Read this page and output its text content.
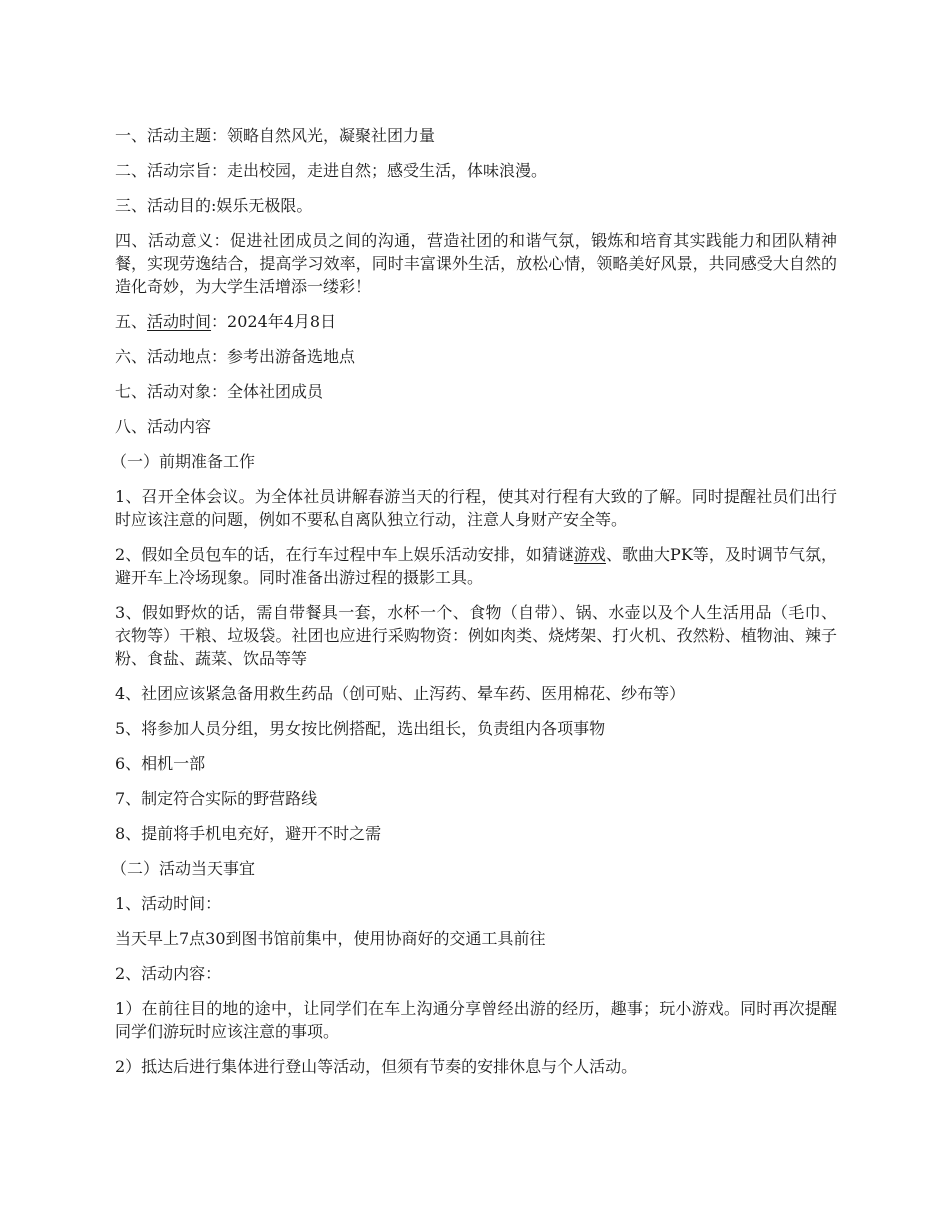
一、活动主题：领略自然风光，凝聚社团力量

二、活动宗旨：走出校园，走进自然；感受生活，体味浪漫。

三、活动目的:娱乐无极限。

四、活动意义：促进社团成员之间的沟通，营造社团的和谐气氛，锻炼和培育其实践能力和团队精神餐，实现劳逸结合，提高学习效率，同时丰富课外生活，放松心情，领略美好风景，共同感受大自然的造化奇妙，为大学生活增添一缕彩！

五、活动时间：2024年4月8日

六、活动地点：参考出游备选地点

七、活动对象：全体社团成员

八、活动内容

（一）前期准备工作

1、召开全体会议。为全体社员讲解春游当天的行程，使其对行程有大致的了解。同时提醒社员们出行时应该注意的问题，例如不要私自离队独立行动，注意人身财产安全等。

2、假如全员包车的话，在行车过程中车上娱乐活动安排，如猜谜游戏、歌曲大PK等，及时调节气氛，避开车上冷场现象。同时准备出游过程的摄影工具。

3、假如野炊的话，需自带餐具一套，水杯一个、食物（自带）、锅、水壶以及个人生活用品（毛巾、衣物等）干粮、垃圾袋。社团也应进行采购物资：例如肉类、烧烤架、打火机、孜然粉、植物油、辣子粉、食盐、蔬菜、饮品等等

4、社团应该紧急备用救生药品（创可贴、止泻药、晕车药、医用棉花、纱布等）

5、将参加人员分组，男女按比例搭配，选出组长，负责组内各项事物

6、相机一部

7、制定符合实际的野营路线

8、提前将手机电充好，避开不时之需

（二）活动当天事宜

1、活动时间：

当天早上7点30到图书馆前集中，使用协商好的交通工具前往

2、活动内容：

1）在前往目的地的途中，让同学们在车上沟通分享曾经出游的经历，趣事；玩小游戏。同时再次提醒同学们游玩时应该注意的事项。

2）抵达后进行集体进行登山等活动，但须有节奏的安排休息与个人活动。
